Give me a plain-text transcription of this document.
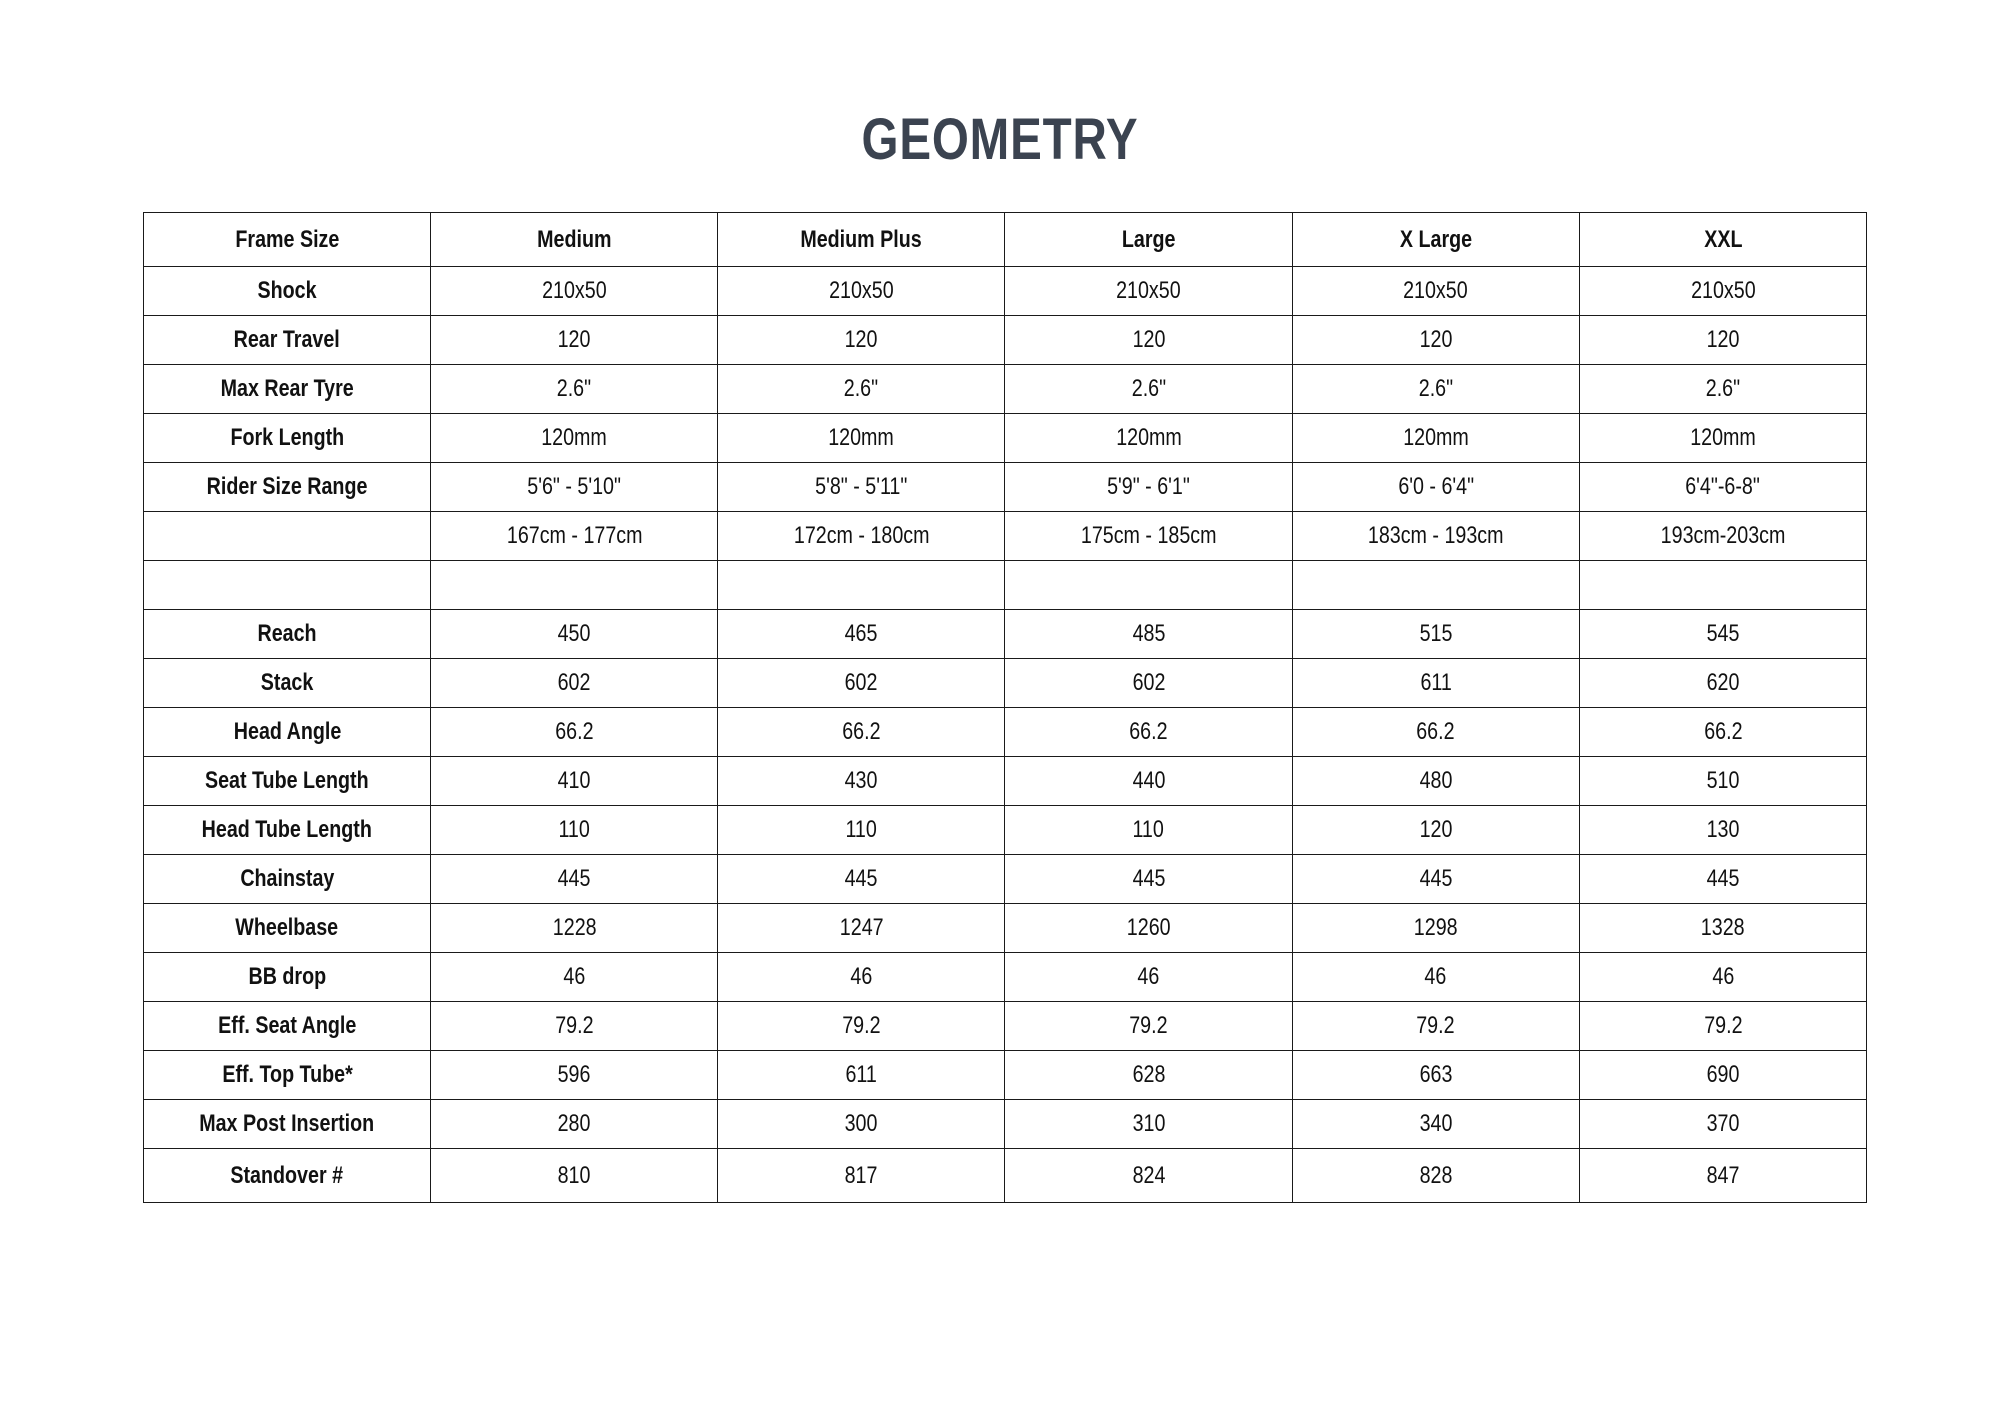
GEOMETRY
Frame Size	Medium	Medium Plus	Large	X Large	XXL
Shock	210x50	210x50	210x50	210x50	210x50
Rear Travel	120	120	120	120	120
Max Rear Tyre	2.6"	2.6"	2.6"	2.6"	2.6"
Fork Length	120mm	120mm	120mm	120mm	120mm
Rider Size Range	5'6" - 5'10"	5'8" - 5'11"	5'9" - 6'1"	6'0 - 6'4"	6'4"-6-8"
	167cm - 177cm	172cm - 180cm	175cm - 185cm	183cm - 193cm	193cm-203cm

Reach	450	465	485	515	545
Stack	602	602	602	611	620
Head Angle	66.2	66.2	66.2	66.2	66.2
Seat Tube Length	410	430	440	480	510
Head Tube Length	110	110	110	120	130
Chainstay	445	445	445	445	445
Wheelbase	1228	1247	1260	1298	1328
BB drop	46	46	46	46	46
Eff. Seat Angle	79.2	79.2	79.2	79.2	79.2
Eff. Top Tube*	596	611	628	663	690
Max Post Insertion	280	300	310	340	370
Standover #	810	817	824	828	847
